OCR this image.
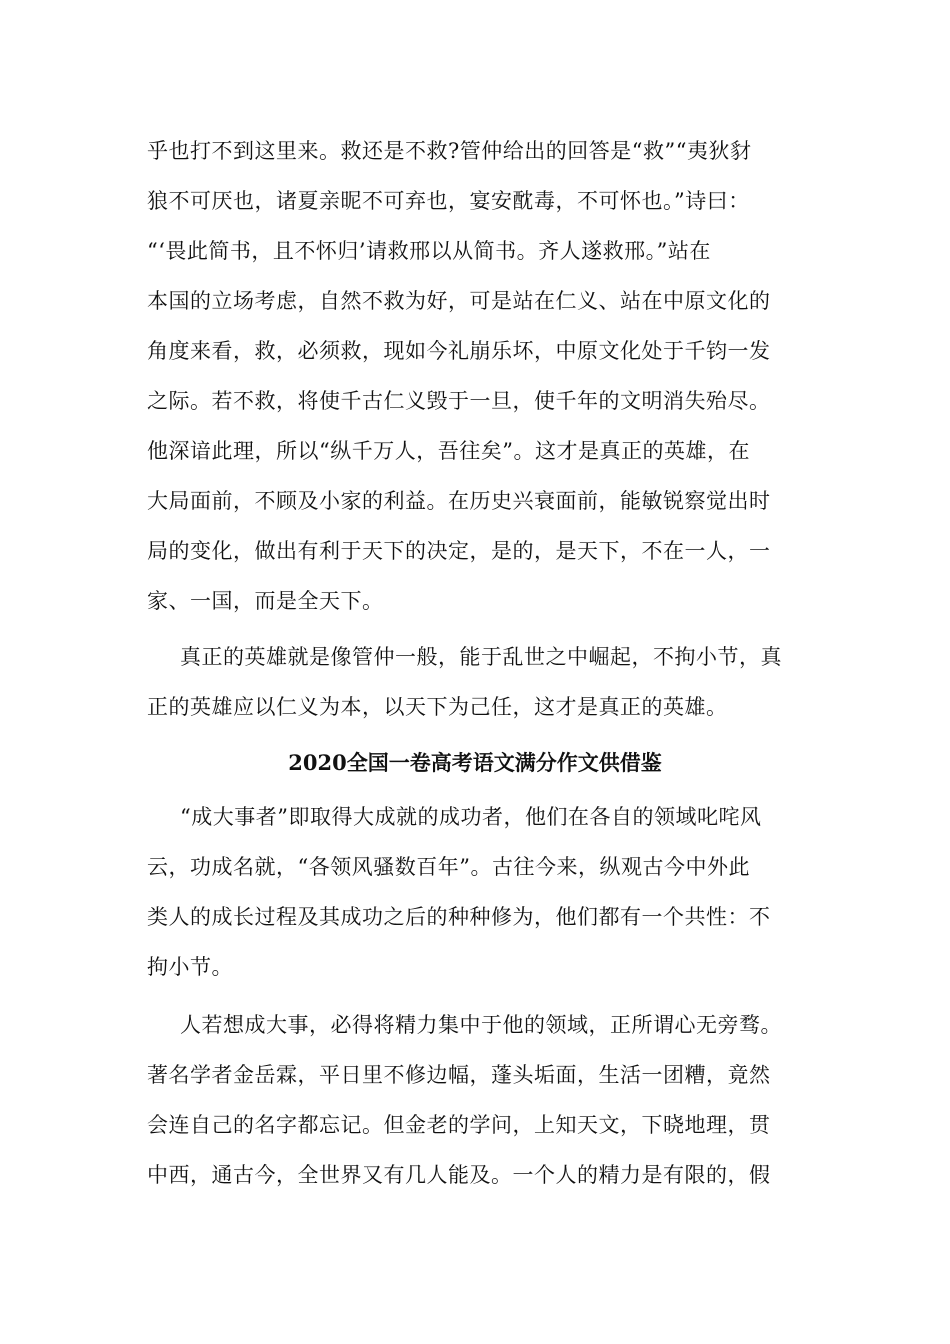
乎也打不到这里来。救还是不救?管仲给出的回答是“救”“夷狄豺
狼不可厌也，诸夏亲昵不可弃也，宴安酖毒，不可怀也。”诗曰：
“‘畏此简书，且不怀归’请救邢以从简书。齐人遂救邢。”站在
本国的立场考虑，自然不救为好，可是站在仁义、站在中原文化的
角度来看，救，必须救，现如今礼崩乐坏，中原文化处于千钧一发
之际。若不救，将使千古仁义毁于一旦，使千年的文明消失殆尽。
他深谙此理，所以“纵千万人，吾往矣”。这才是真正的英雄，在
大局面前，不顾及小家的利益。在历史兴衰面前，能敏锐察觉出时
局的变化，做出有利于天下的决定，是的，是天下，不在一人，一
家、一国，而是全天下。
真正的英雄就是像管仲一般，能于乱世之中崛起，不拘小节，真
正的英雄应以仁义为本，以天下为己任，这才是真正的英雄。
2020全国一卷高考语文满分作文供借鉴
“成大事者”即取得大成就的成功者，他们在各自的领域叱咤风
云，功成名就，“各领风骚数百年”。古往今来，纵观古今中外此
类人的成长过程及其成功之后的种种修为，他们都有一个共性：不
拘小节。
人若想成大事，必得将精力集中于他的领域，正所谓心无旁骛。
著名学者金岳霖，平日里不修边幅，蓬头垢面，生活一团糟，竟然
会连自己的名字都忘记。但金老的学问，上知天文，下晓地理，贯
中西，通古今，全世界又有几人能及。一个人的精力是有限的，假
